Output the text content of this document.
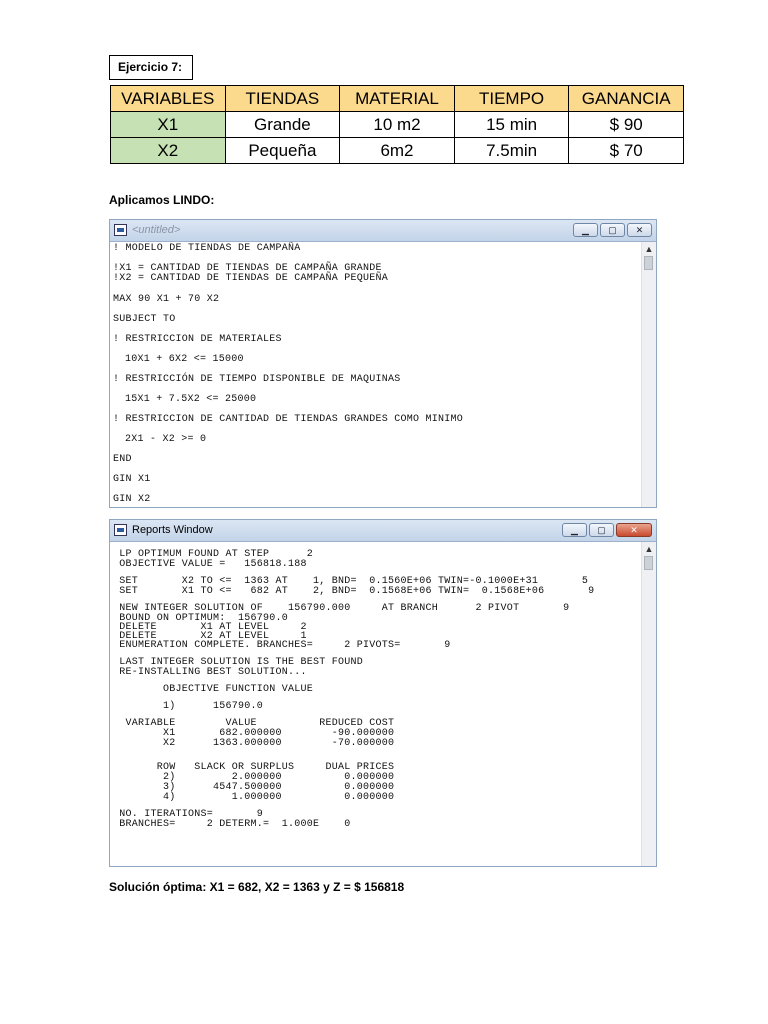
Ejercicio 7:
VARIABLES	TIENDAS	MATERIAL	TIEMPO	GANANCIA
X1	Grande	10 m2	15 min	$ 90
X2	Pequeña	6m2	7.5min	$ 70
Aplicamos LINDO:
<untitled>	▁	▢	✕

! MODELO DE TIENDAS DE CAMPAÑA

!X1 = CANTIDAD DE TIENDAS DE CAMPAÑA GRANDE

!X2 = CANTIDAD DE TIENDAS DE CAMPAÑA PEQUEÑA

MAX 90 X1 + 70 X2

SUBJECT TO

! RESTRICCION DE MATERIALES

10X1 + 6X2 <= 15000

! RESTRICCIÓN DE TIEMPO DISPONIBLE DE MAQUINAS

15X1 + 7.5X2 <= 25000

! RESTRICCION DE CANTIDAD DE TIENDAS GRANDES COMO MINIMO

2X1 - X2 >= 0

END

GIN X1

GIN X2

▲
Reports Window	▁	▢	✕
LP OPTIMUM FOUND AT STEP      2
OBJECTIVE VALUE =   156818.188
SET       X2 TO <=  1363 AT    1, BND=  0.1560E+06 TWIN=-0.1000E+31       5
SET       X1 TO <=   682 AT    2, BND=  0.1568E+06 TWIN=  0.1568E+06       9
NEW INTEGER SOLUTION OF    156790.000     AT BRANCH      2 PIVOT       9
BOUND ON OPTIMUM:  156790.0
DELETE       X1 AT LEVEL     2
DELETE       X2 AT LEVEL     1
ENUMERATION COMPLETE. BRANCHES=     2 PIVOTS=       9
LAST INTEGER SOLUTION IS THE BEST FOUND
RE-INSTALLING BEST SOLUTION...
OBJECTIVE FUNCTION VALUE
1)      156790.0
VARIABLE        VALUE          REDUCED COST
X1       682.000000        -90.000000
X2      1363.000000        -70.000000
ROW   SLACK OR SURPLUS     DUAL PRICES
2)         2.000000          0.000000
3)      4547.500000          0.000000
4)         1.000000          0.000000
NO. ITERATIONS=       9
BRANCHES=     2 DETERM.=  1.000E    0
▲
Solución óptima: X1 = 682, X2 = 1363 y Z = $ 156818
